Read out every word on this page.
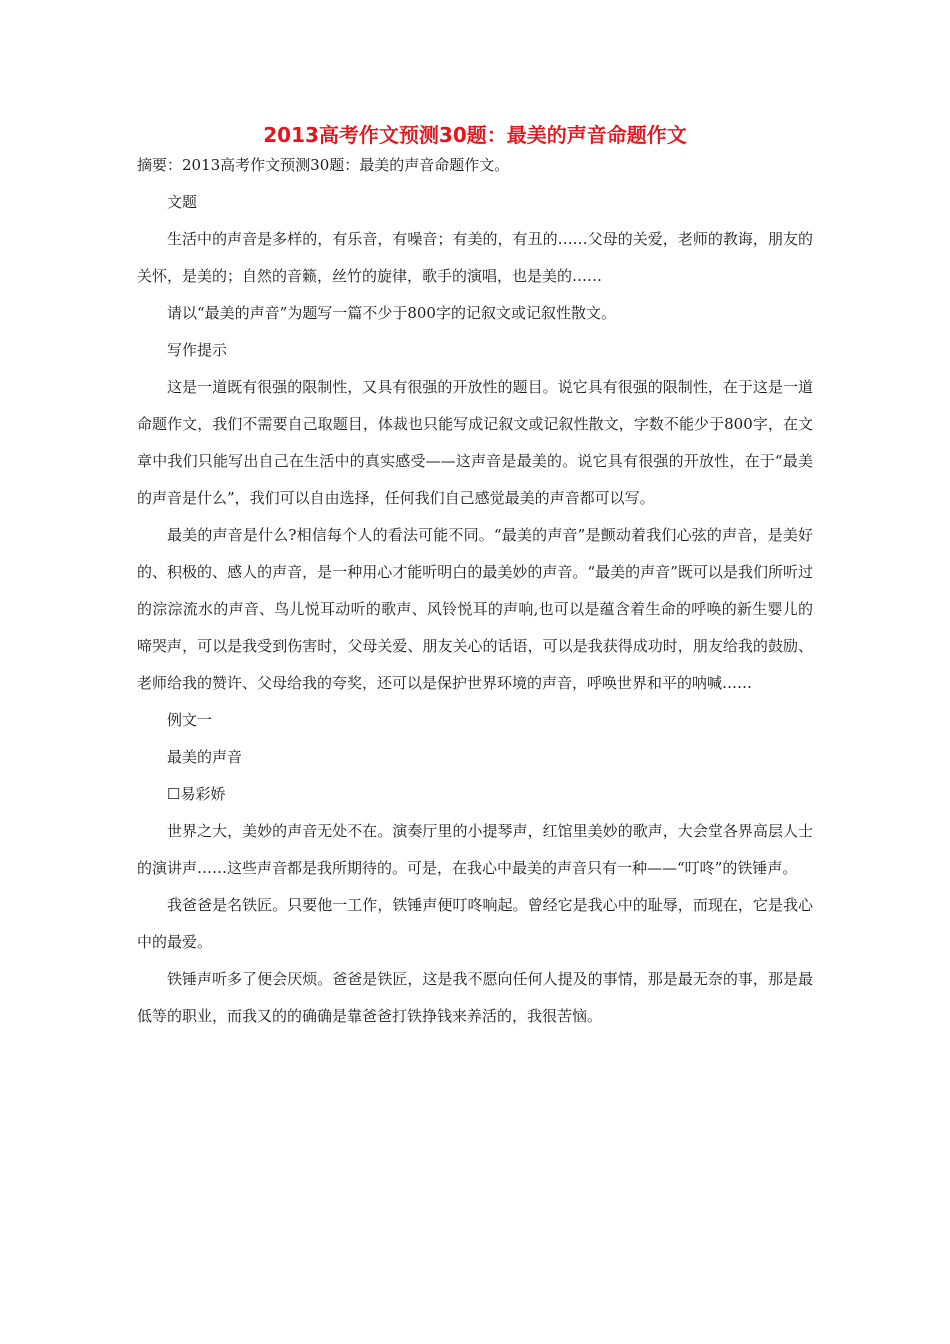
2013高考作文预测30题：最美的声音命题作文

摘要：2013高考作文预测30题：最美的声音命题作文。

文题

生活中的声音是多样的，有乐音，有噪音；有美的，有丑的……父母的关爱，老师的教诲，朋友的关怀，是美的；自然的音籁，丝竹的旋律，歌手的演唱，也是美的……

请以“最美的声音”为题写一篇不少于800字的记叙文或记叙性散文。

写作提示

这是一道既有很强的限制性，又具有很强的开放性的题目。说它具有很强的限制性，在于这是一道命题作文，我们不需要自己取题目，体裁也只能写成记叙文或记叙性散文，字数不能少于800字，在文章中我们只能写出自己在生活中的真实感受——这声音是最美的。说它具有很强的开放性，在于“最美的声音是什么”，我们可以自由选择，任何我们自己感觉最美的声音都可以写。

最美的声音是什么?相信每个人的看法可能不同。“最美的声音”是颤动着我们心弦的声音，是美好的、积极的、感人的声音，是一种用心才能听明白的最美妙的声音。“最美的声音”既可以是我们所听过的淙淙流水的声音、鸟儿悦耳动听的歌声、风铃悦耳的声响,也可以是蕴含着生命的呼唤的新生婴儿的啼哭声，可以是我受到伤害时，父母关爱、朋友关心的话语，可以是我获得成功时，朋友给我的鼓励、老师给我的赞许、父母给我的夸奖，还可以是保护世界环境的声音，呼唤世界和平的呐喊……

例文一

最美的声音

☐易彩娇

世界之大，美妙的声音无处不在。演奏厅里的小提琴声，红馆里美妙的歌声，大会堂各界高层人士的演讲声……这些声音都是我所期待的。可是，在我心中最美的声音只有一种——“叮咚”的铁锤声。

我爸爸是名铁匠。只要他一工作，铁锤声便叮咚响起。曾经它是我心中的耻辱，而现在，它是我心中的最爱。

铁锤声听多了便会厌烦。爸爸是铁匠，这是我不愿向任何人提及的事情，那是最无奈的事，那是最低等的职业，而我又的的确确是靠爸爸打铁挣钱来养活的，我很苦恼。
